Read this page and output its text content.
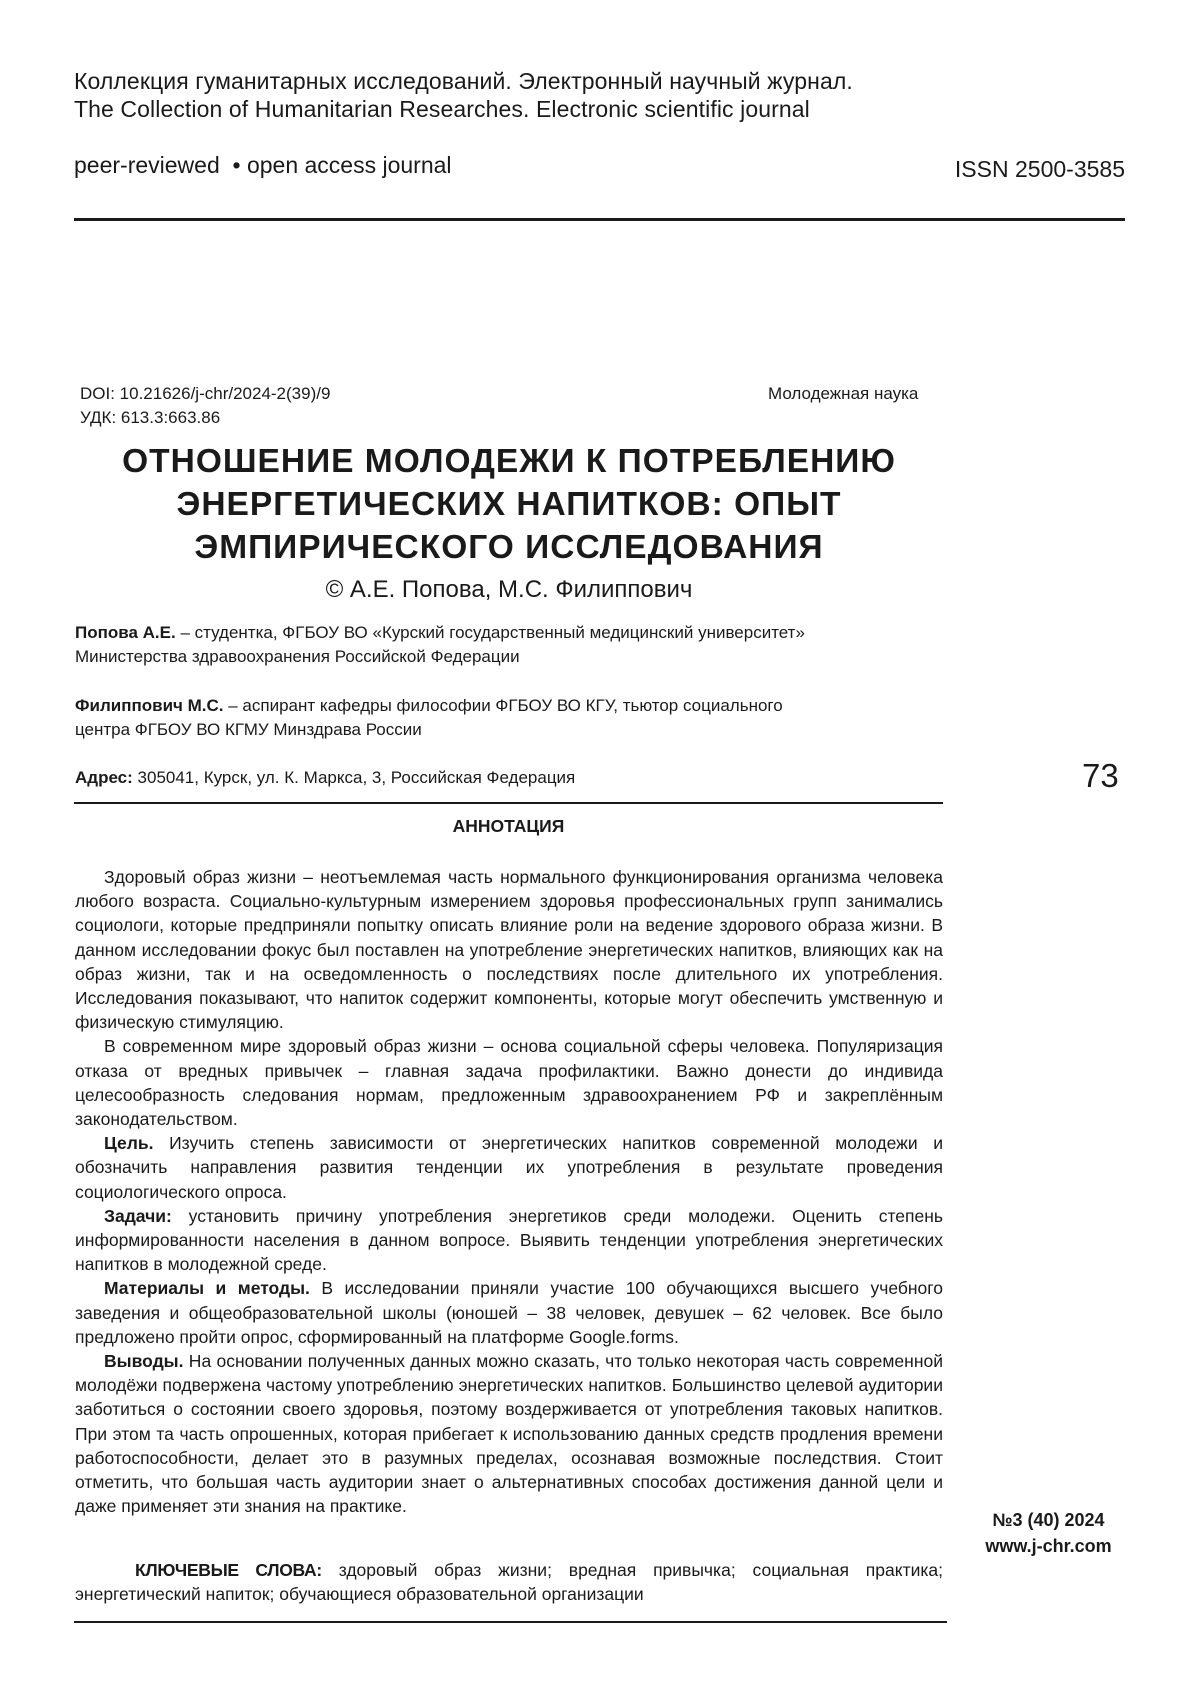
Коллекция гуманитарных исследований. Электронный научный журнал.
The Collection of Humanitarian Researches. Electronic scientific journal
peer-reviewed  • open access journal	ISSN 2500-3585
DOI: 10.21626/j-chr/2024-2(39)/9
УДК: 613.3:663.86
Молодежная наука
ОТНОШЕНИЕ МОЛОДЕЖИ К ПОТРЕБЛЕНИЮ
ЭНЕРГЕТИЧЕСКИХ НАПИТКОВ: ОПЫТ
ЭМПИРИЧЕСКОГО ИССЛЕДОВАНИЯ
© А.Е. Попова, М.С. Филиппович
Попова А.Е. – студентка, ФГБОУ ВО «Курский государственный медицинский университет»
Министерства здравоохранения Российской Федерации
Филиппович М.С. – аспирант кафедры философии ФГБОУ ВО КГУ, тьютор социального
центра ФГБОУ ВО КГМУ Минздрава России
Адрес: 305041, Курск, ул. К. Маркса, 3, Российская Федерация	73
АННОТАЦИЯ

Здоровый образ жизни – неотъемлемая часть нормального функционирования организма человека любого возраста. Социально-культурным измерением здоровья профессиональных групп занимались социологи, которые предприняли попытку описать влияние роли на ведение здорового образа жизни. В данном исследовании фокус был поставлен на употребление энергетических напитков, влияющих как на образ жизни, так и на осведомленность о последствиях после длительного их употребления. Исследования показывают, что напиток содержит компоненты, которые могут обеспечить умственную и физическую стимуляцию.

В современном мире здоровый образ жизни – основа социальной сферы человека. Популяризация отказа от вредных привычек – главная задача профилактики. Важно донести до индивида целесообразность следования нормам, предложенным здравоохранением РФ и закреплённым законодательством.

Цель. Изучить степень зависимости от энергетических напитков современной молодежи и обозначить направления развития тенденции их употребления в результате проведения социологического опроса.

Задачи: установить причину употребления энергетиков среди молодежи. Оценить степень информированности населения в данном вопросе. Выявить тенденции употребления энергетических напитков в молодежной среде.

Материалы и методы. В исследовании приняли участие 100 обучающихся высшего учебного заведения и общеобразовательной школы (юношей – 38 человек, девушек – 62 человек. Все было предложено пройти опрос, сформированный на платформе Google.forms.

Выводы. На основании полученных данных можно сказать, что только некоторая часть современной молодёжи подвержена частому употреблению энергетических напитков. Большинство целевой аудитории заботиться о состоянии своего здоровья, поэтому воздерживается от употребления таковых напитков. При этом та часть опрошенных, которая прибегает к использованию данных средств продления времени работоспособности, делает это в разумных пределах, осознавая возможные последствия. Стоит отметить, что большая часть аудитории знает о альтернативных способах достижения данной цели и даже применяет эти знания на практике.

КЛЮЧЕВЫЕ СЛОВА: здоровый образ жизни; вредная привычка; социальная практика; энергетический напиток; обучающиеся образовательной организации
№3 (40) 2024
www.j-chr.com
